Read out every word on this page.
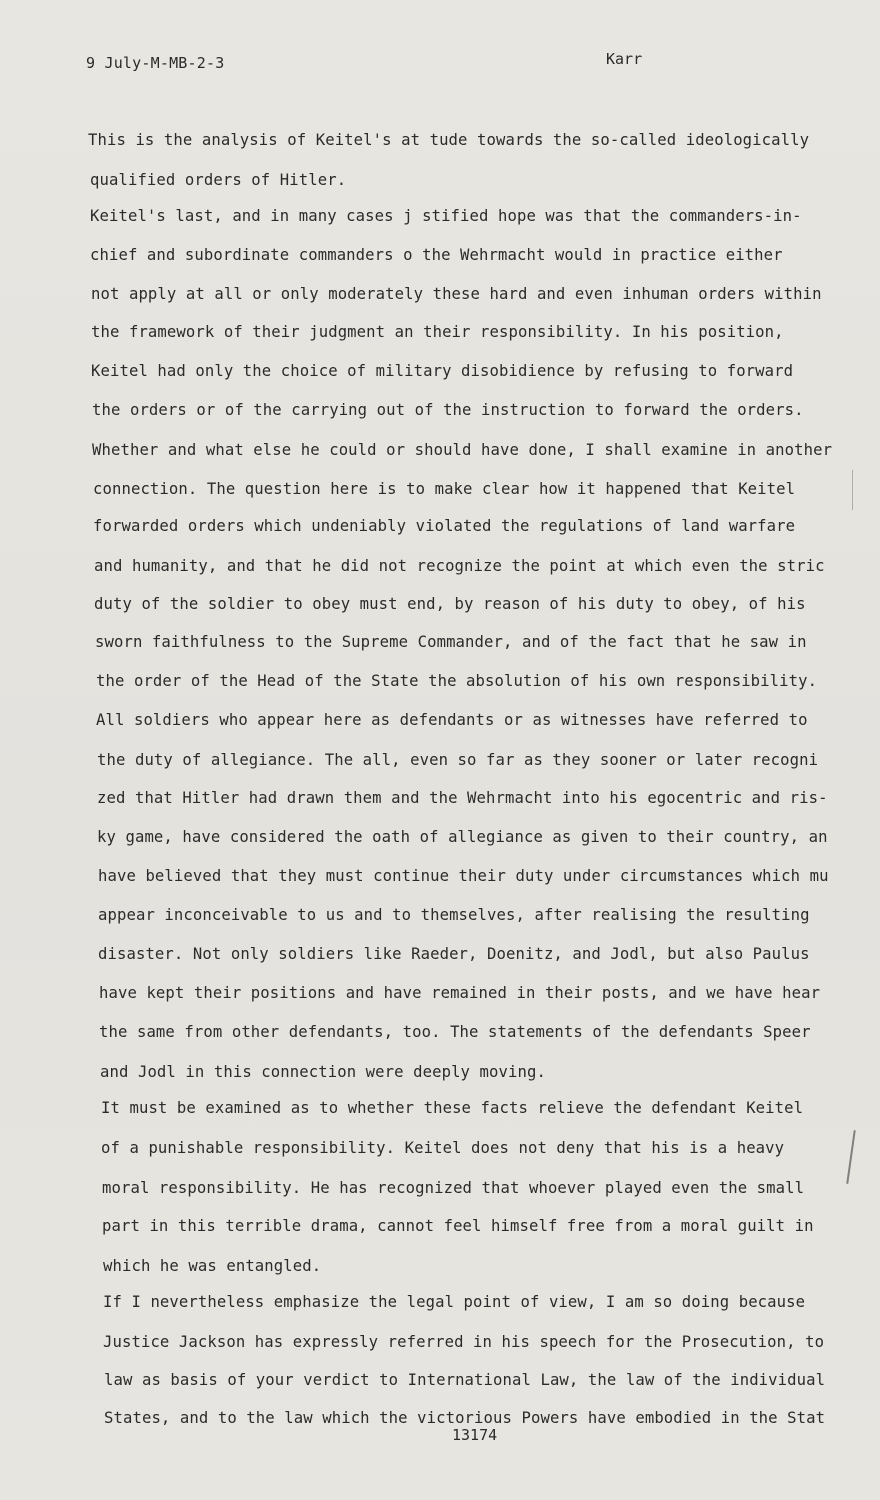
9 July-M-MB-2-3	Karr
This is the analysis of Keitel's at tude towards the so-called ideologically
qualified orders of Hitler.
Keitel's last, and in many cases j stified hope was that the commanders-in-
chief and subordinate commanders o the Wehrmacht would in practice either
not apply at all or only moderately these hard and even inhuman orders within
the framework of their judgment an their responsibility. In his position,
Keitel had only the choice of military disobidience by refusing to forward
the orders or of the carrying out of the instruction to forward the orders.
Whether and what else he could or should have done, I shall examine in another
connection. The question here is to make clear how it happened that Keitel
forwarded orders which undeniably violated the regulations of land warfare
and humanity, and that he did not recognize the point at which even the stric
duty of the soldier to obey must end, by reason of his duty to obey, of his
sworn faithfulness to the Supreme Commander, and of the fact that he saw in
the order of the Head of the State the absolution of his own responsibility.
All soldiers who appear here as defendants or as witnesses have referred to
the duty of allegiance. The all, even so far as they sooner or later recogni
zed that Hitler had drawn them and the Wehrmacht into his egocentric and ris-
ky game, have considered the oath of allegiance as given to their country, an
have believed that they must continue their duty under circumstances which mu
appear inconceivable to us and to themselves, after realising the resulting
disaster. Not only soldiers like Raeder, Doenitz, and Jodl, but also Paulus
have kept their positions and have remained in their posts, and we have hear
the same from other defendants, too. The statements of the defendants Speer
and Jodl in this connection were deeply moving.
It must be examined as to whether these facts relieve the defendant Keitel
of a punishable responsibility. Keitel does not deny that his is a heavy
moral responsibility. He has recognized that whoever played even the small
part in this terrible drama, cannot feel himself free from a moral guilt in
which he was entangled.
If I nevertheless emphasize the legal point of view, I am so doing because
Justice Jackson has expressly referred in his speech for the Prosecution, to
law as basis of your verdict to International Law, the law of the individual
States, and to the law which the victorious Powers have embodied in the Stat
13174
